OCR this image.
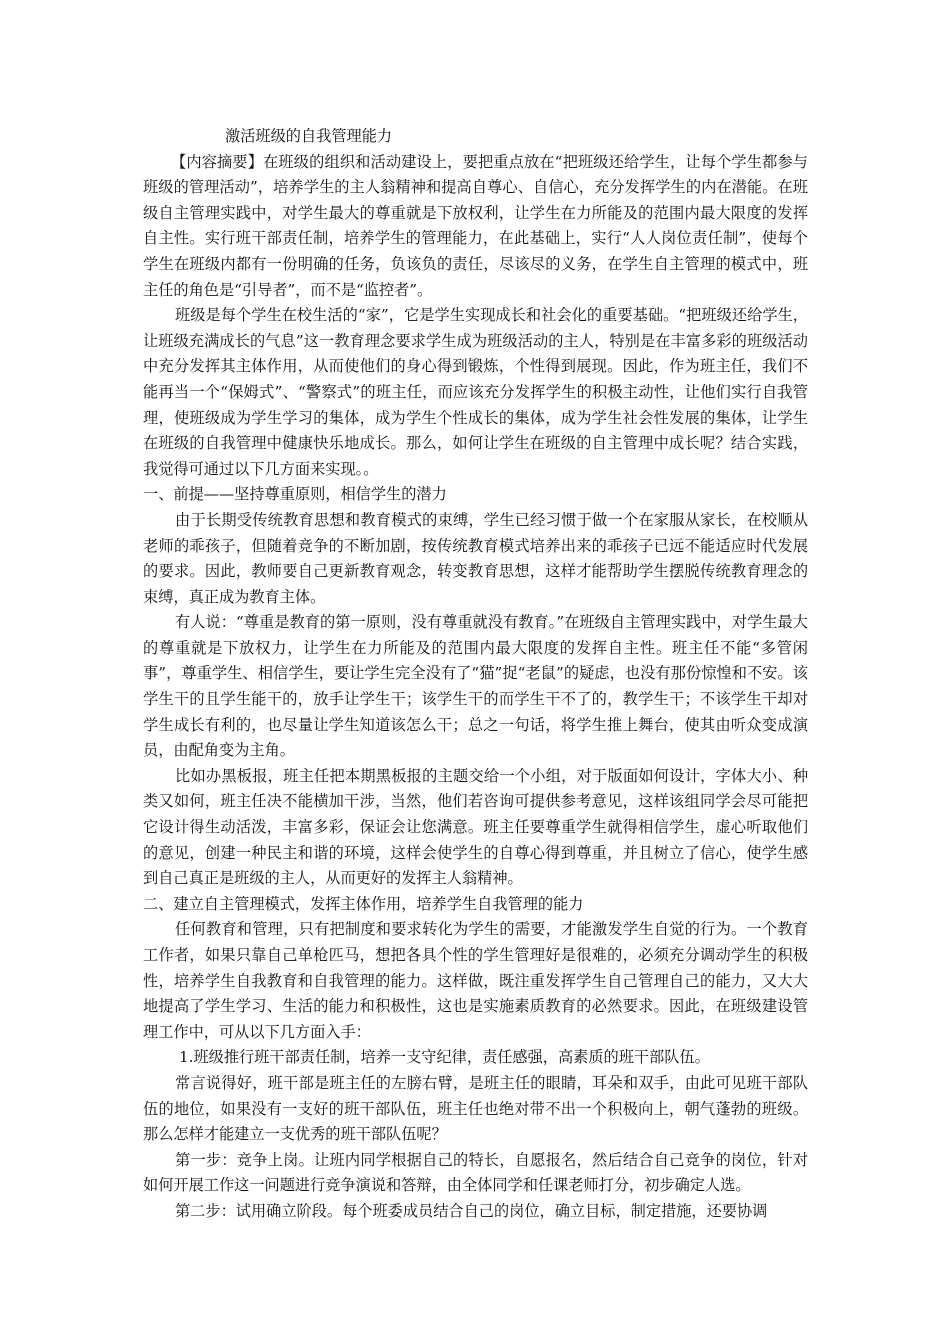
激活班级的自我管理能力

【内容摘要】在班级的组织和活动建设上，要把重点放在“把班级还给学生，让每个学生都参与班级的管理活动”，培养学生的主人翁精神和提高自尊心、自信心，充分发挥学生的内在潜能。在班级自主管理实践中，对学生最大的尊重就是下放权利，让学生在力所能及的范围内最大限度的发挥自主性。实行班干部责任制，培养学生的管理能力，在此基础上，实行“人人岗位责任制”，使每个学生在班级内都有一份明确的任务，负该负的责任，尽该尽的义务，在学生自主管理的模式中，班主任的角色是“引导者”，而不是“监控者”。

班级是每个学生在校生活的“家”，它是学生实现成长和社会化的重要基础。“把班级还给学生，让班级充满成长的气息”这一教育理念要求学生成为班级活动的主人，特别是在丰富多彩的班级活动中充分发挥其主体作用，从而使他们的身心得到锻炼，个性得到展现。因此，作为班主任，我们不能再当一个“保姆式”、“警察式”的班主任，而应该充分发挥学生的积极主动性，让他们实行自我管理，使班级成为学生学习的集体，成为学生个性成长的集体，成为学生社会性发展的集体，让学生在班级的自我管理中健康快乐地成长。那么，如何让学生在班级的自主管理中成长呢？结合实践，我觉得可通过以下几方面来实现。。

一、前提——坚持尊重原则，相信学生的潜力

由于长期受传统教育思想和教育模式的束缚，学生已经习惯于做一个在家服从家长，在校顺从老师的乖孩子，但随着竞争的不断加剧，按传统教育模式培养出来的乖孩子已远不能适应时代发展的要求。因此，教师要自己更新教育观念，转变教育思想，这样才能帮助学生摆脱传统教育理念的束缚，真正成为教育主体。

有人说：“尊重是教育的第一原则，没有尊重就没有教育。”在班级自主管理实践中，对学生最大的尊重就是下放权力，让学生在力所能及的范围内最大限度的发挥自主性。班主任不能“多管闲事”，尊重学生、相信学生，要让学生完全没有了“猫”捉“老鼠”的疑虑，也没有那份惊惶和不安。该学生干的且学生能干的，放手让学生干；该学生干的而学生干不了的，教学生干；不该学生干却对学生成长有利的，也尽量让学生知道该怎么干；总之一句话，将学生推上舞台，使其由听众变成演员，由配角变为主角。

比如办黑板报，班主任把本期黑板报的主题交给一个小组，对于版面如何设计，字体大小、种类又如何，班主任决不能横加干涉，当然，他们若咨询可提供参考意见，这样该组同学会尽可能把它设计得生动活泼，丰富多彩，保证会让您满意。班主任要尊重学生就得相信学生，虚心听取他们的意见，创建一种民主和谐的环境，这样会使学生的自尊心得到尊重，并且树立了信心，使学生感到自己真正是班级的主人，从而更好的发挥主人翁精神。

二、建立自主管理模式，发挥主体作用，培养学生自我管理的能力

任何教育和管理，只有把制度和要求转化为学生的需要，才能激发学生自觉的行为。一个教育工作者，如果只靠自己单枪匹马，想把各具个性的学生管理好是很难的，必须充分调动学生的积极性，培养学生自我教育和自我管理的能力。这样做，既注重发挥学生自己管理自己的能力，又大大地提高了学生学习、生活的能力和积极性，这也是实施素质教育的必然要求。因此，在班级建设管理工作中，可从以下几方面入手：

1.班级推行班干部责任制，培养一支守纪律，责任感强，高素质的班干部队伍。

常言说得好，班干部是班主任的左膀右臂，是班主任的眼睛，耳朵和双手，由此可见班干部队伍的地位，如果没有一支好的班干部队伍，班主任也绝对带不出一个积极向上，朝气蓬勃的班级。那么怎样才能建立一支优秀的班干部队伍呢？

第一步：竞争上岗。让班内同学根据自己的特长，自愿报名，然后结合自己竞争的岗位，针对如何开展工作这一问题进行竞争演说和答辩，由全体同学和任课老师打分，初步确定人选。

第二步：试用确立阶段。每个班委成员结合自己的岗位，确立目标，制定措施，还要协调
